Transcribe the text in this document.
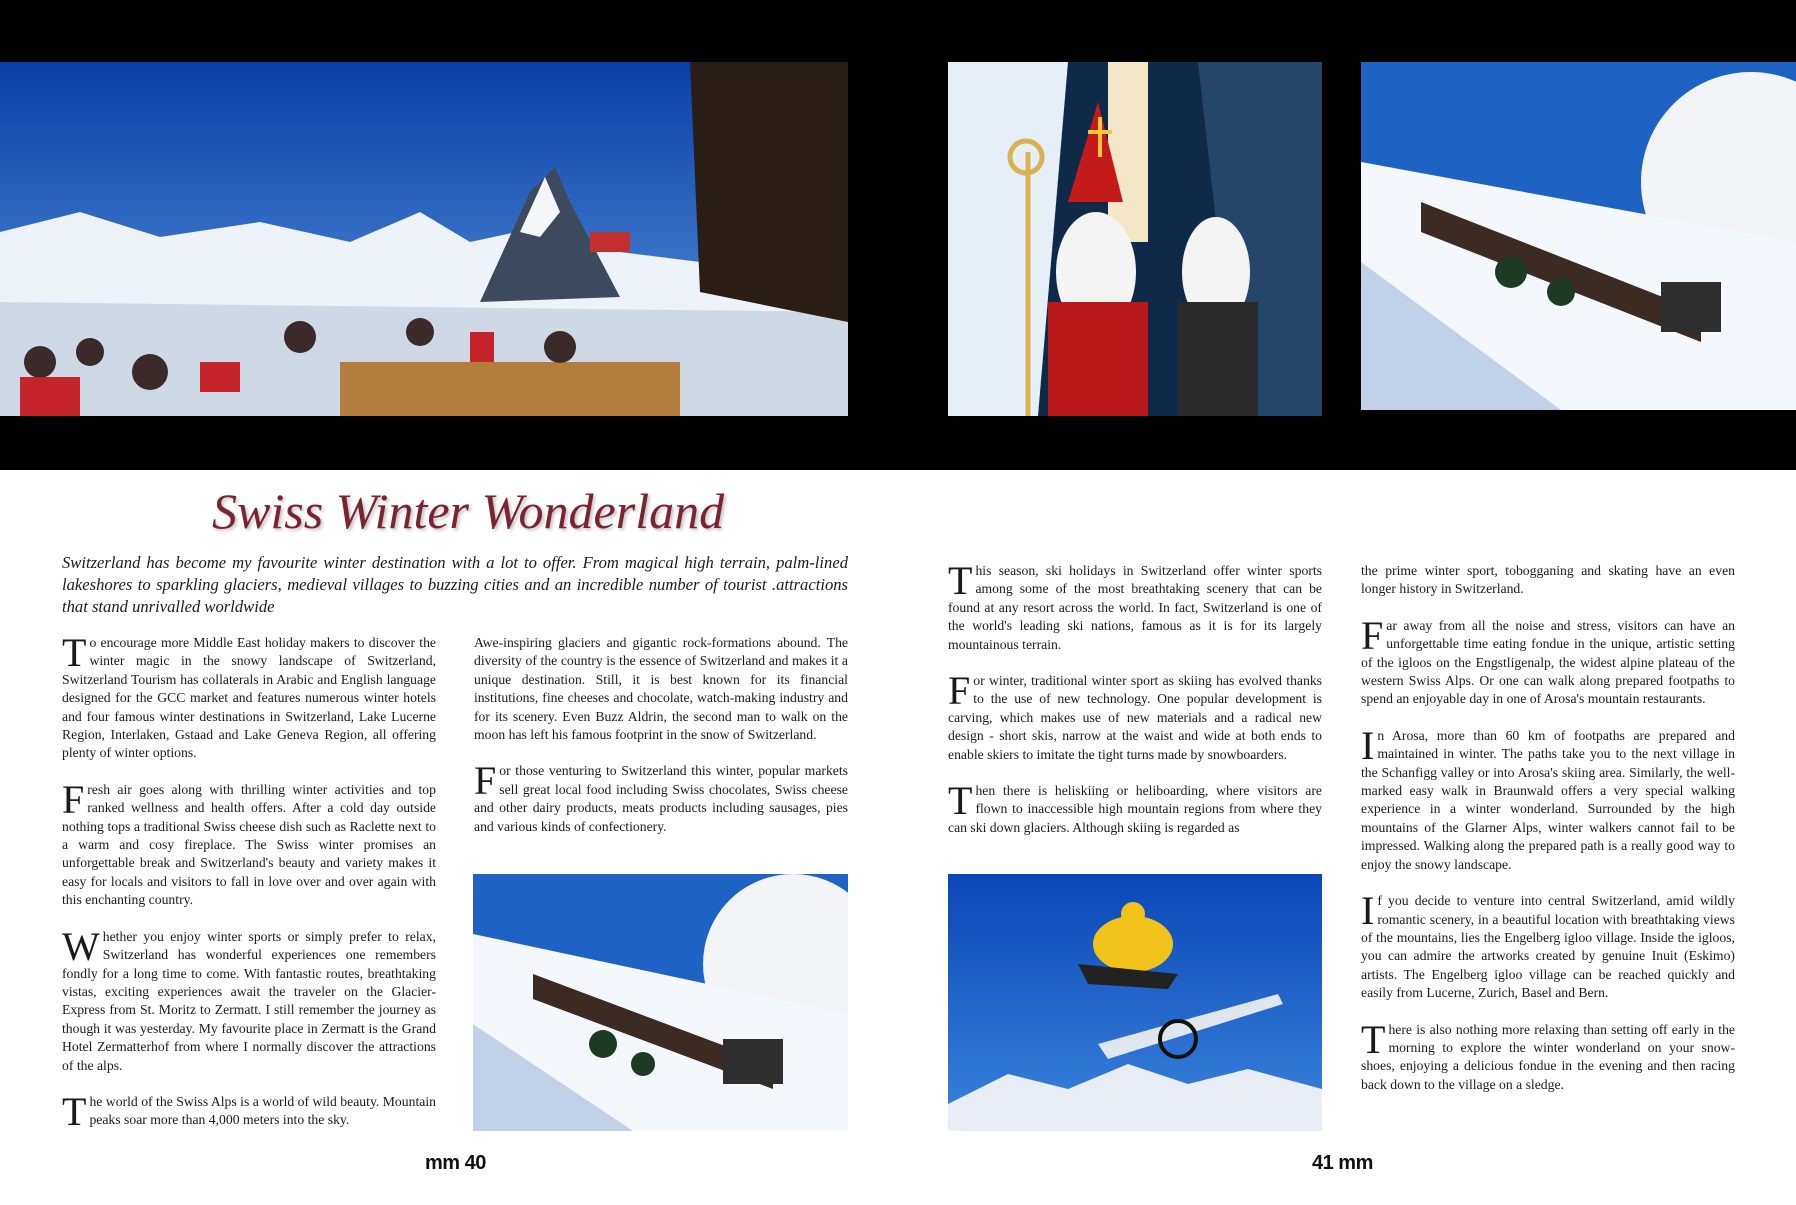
Swiss Winter Wonderland

Switzerland has become my favourite winter destination with a lot to offer. From magical high terrain, palm-lined lakeshores to sparkling glaciers, medieval villages to buzzing cities and an incredible number of tourist .attractions that stand unrivalled worldwide

To encourage more Middle East holiday makers to discover the winter magic in the snowy landscape of Switzerland, Switzerland Tourism has collaterals in Arabic and English language designed for the GCC market and features numerous winter hotels and four famous winter destinations in Switzerland, Lake Lucerne Region, Interlaken, Gstaad and Lake Geneva Region, all offering plenty of winter options.

Fresh air goes along with thrilling winter activities and top ranked wellness and health offers. After a cold day outside nothing tops a traditional Swiss cheese dish such as Raclette next to a warm and cosy fireplace. The Swiss winter promises an unforgettable break and Switzerland's beauty and variety makes it easy for locals and visitors to fall in love over and over again with this enchanting country.

Whether you enjoy winter sports or simply prefer to relax, Switzerland has wonderful experiences one remembers fondly for a long time to come. With fantastic routes, breathtaking vistas, exciting experiences await the traveler on the Glacier-Express from St. Moritz to Zermatt. I still remember the journey as though it was yesterday. My favourite place in Zermatt is the Grand Hotel Zermatterhof from where I normally discover the attractions of the alps.

The world of the Swiss Alps is a world of wild beauty. Mountain peaks soar more than 4,000 meters into the sky.

Awe-inspiring glaciers and gigantic rock-formations abound. The diversity of the country is the essence of Switzerland and makes it a unique destination. Still, it is best known for its financial institutions, fine cheeses and chocolate, watch-making industry and for its scenery. Even Buzz Aldrin, the second man to walk on the moon has left his famous footprint in the snow of Switzerland.

For those venturing to Switzerland this winter, popular markets sell great local food including Swiss chocolates, Swiss cheese and other dairy products, meats products including sausages, pies and various kinds of confectionery.

This season, ski holidays in Switzerland offer winter sports among some of the most breathtaking scenery that can be found at any resort across the world. In fact, Switzerland is one of the world's leading ski nations, famous as it is for its largely mountainous terrain.

For winter, traditional winter sport as skiing has evolved thanks to the use of new technology. One popular development is carving, which makes use of new materials and a radical new design - short skis, narrow at the waist and wide at both ends to enable skiers to imitate the tight turns made by snowboarders.

Then there is heliskiing or heliboarding, where visitors are flown to inaccessible high mountain regions from where they can ski down glaciers. Although skiing is regarded as

the prime winter sport, tobogganing and skating have an even longer history in Switzerland.

Far away from all the noise and stress, visitors can have an unforgettable time eating fondue in the unique, artistic setting of the igloos on the Engstligenalp, the widest alpine plateau of the western Swiss Alps. Or one can walk along prepared footpaths to spend an enjoyable day in one of Arosa's mountain restaurants.

In Arosa, more than 60 km of footpaths are prepared and maintained in winter. The paths take you to the next village in the Schanfigg valley or into Arosa's skiing area. Similarly, the well-marked easy walk in Braunwald offers a very special walking experience in a winter wonderland. Surrounded by the high mountains of the Glarner Alps, winter walkers cannot fail to be impressed. Walking along the prepared path is a really good way to enjoy the snowy landscape.

If you decide to venture into central Switzerland, amid wildly romantic scenery, in a beautiful location with breathtaking views of the mountains, lies the Engelberg igloo village. Inside the igloos, you can admire the artworks created by genuine Inuit (Eskimo) artists. The Engelberg igloo village can be reached quickly and easily from Lucerne, Zurich, Basel and Bern.

There is also nothing more relaxing than setting off early in the morning to explore the winter wonderland on your snow-shoes, enjoying a delicious fondue in the evening and then racing back down to the village on a sledge.

mm 40	41 mm
